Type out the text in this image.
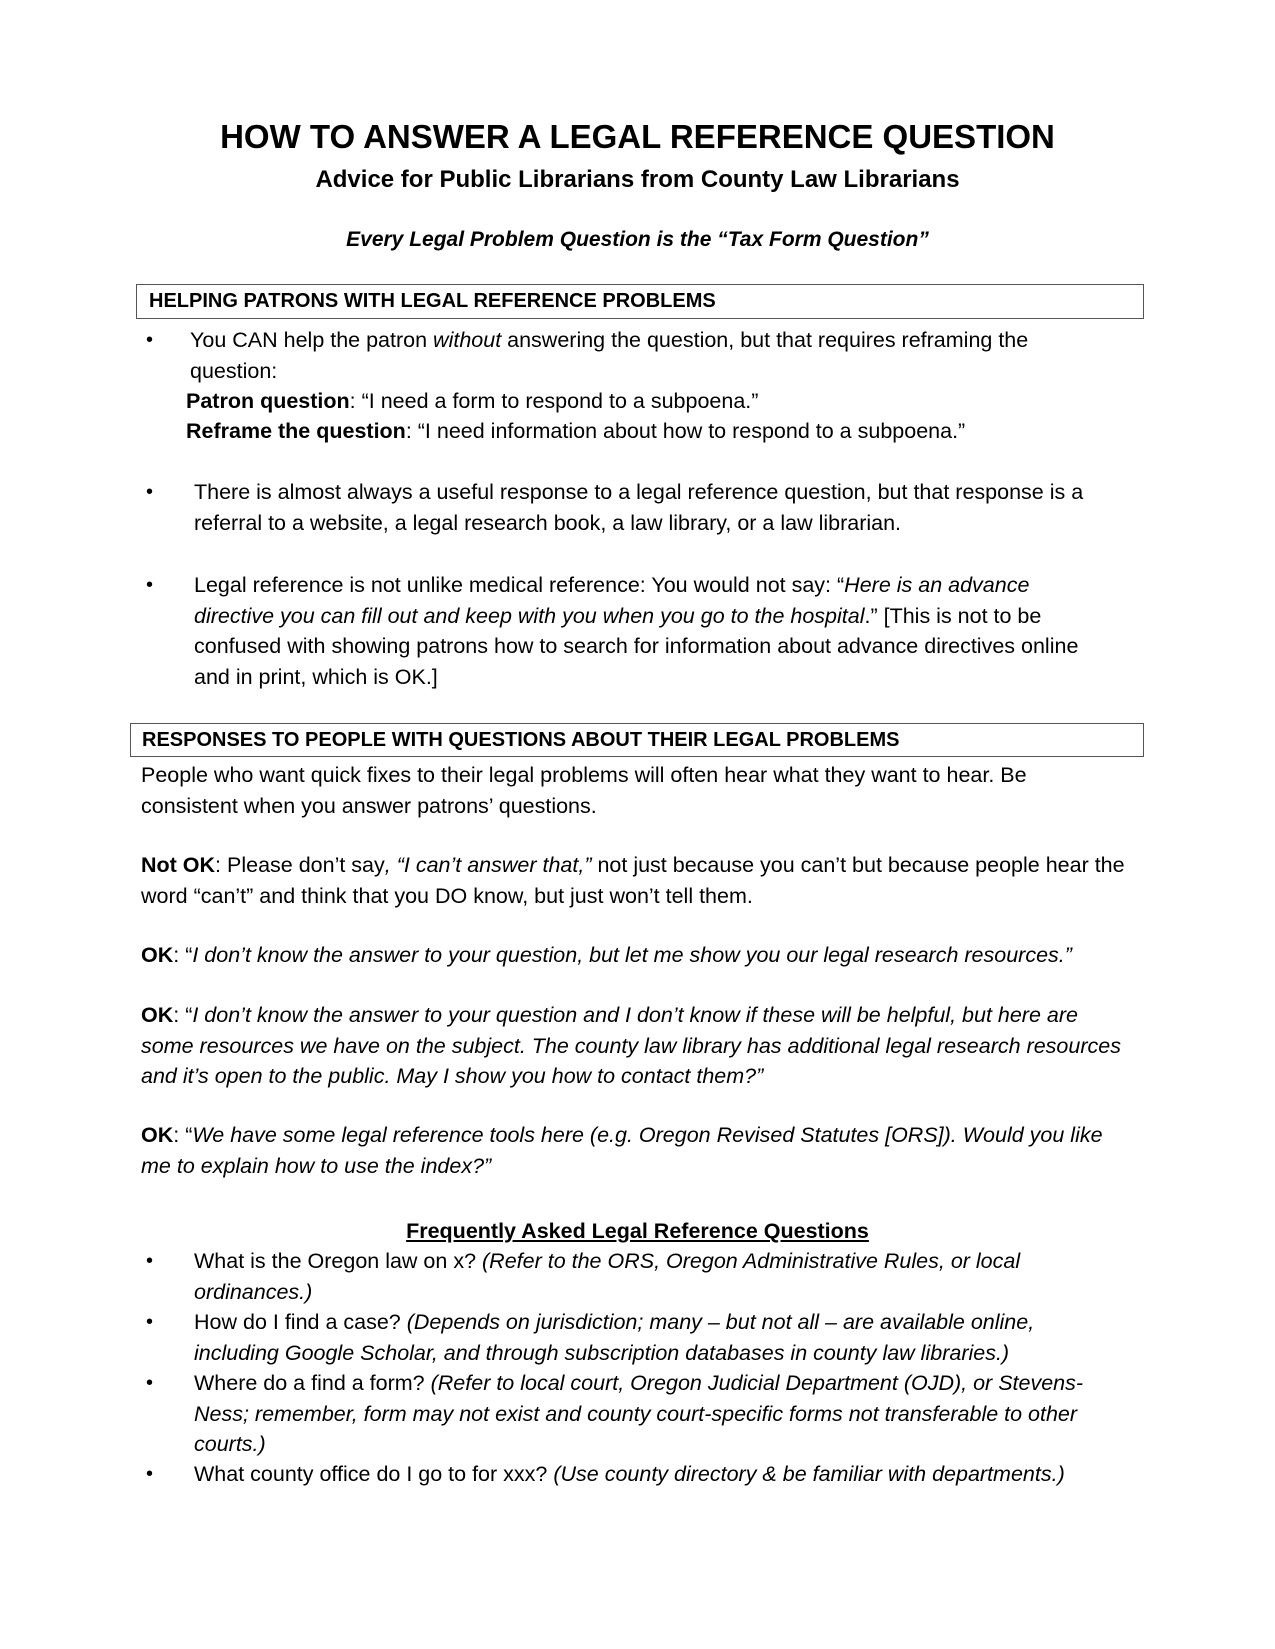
HOW TO ANSWER A LEGAL REFERENCE QUESTION
Advice for Public Librarians from County Law Librarians
Every Legal Problem Question is the “Tax Form Question”
HELPING PATRONS WITH LEGAL REFERENCE PROBLEMS
• You CAN help the patron without answering the question, but that requires reframing the question:
Patron question: “I need a form to respond to a subpoena.”
Reframe the question: “I need information about how to respond to a subpoena.”
• There is almost always a useful response to a legal reference question, but that response is a referral to a website, a legal research book, a law library, or a law librarian.
• Legal reference is not unlike medical reference: You would not say: “Here is an advance directive you can fill out and keep with you when you go to the hospital.” [This is not to be confused with showing patrons how to search for information about advance directives online and in print, which is OK.]
RESPONSES TO PEOPLE WITH QUESTIONS ABOUT THEIR LEGAL PROBLEMS
People who want quick fixes to their legal problems will often hear what they want to hear. Be consistent when you answer patrons’ questions.
Not OK: Please don’t say, “I can’t answer that,” not just because you can’t but because people hear the word “can’t” and think that you DO know, but just won’t tell them.
OK: “I don’t know the answer to your question, but let me show you our legal research resources.”
OK: “I don’t know the answer to your question and I don’t know if these will be helpful, but here are some resources we have on the subject. The county law library has additional legal research resources and it’s open to the public. May I show you how to contact them?”
OK: “We have some legal reference tools here (e.g. Oregon Revised Statutes [ORS]). Would you like me to explain how to use the index?”
Frequently Asked Legal Reference Questions
• What is the Oregon law on x? (Refer to the ORS, Oregon Administrative Rules, or local ordinances.)
• How do I find a case? (Depends on jurisdiction; many – but not all – are available online, including Google Scholar, and through subscription databases in county law libraries.)
• Where do a find a form? (Refer to local court, Oregon Judicial Department (OJD), or Stevens-Ness; remember, form may not exist and county court-specific forms not transferable to other courts.)
• What county office do I go to for xxx? (Use county directory & be familiar with departments.)
